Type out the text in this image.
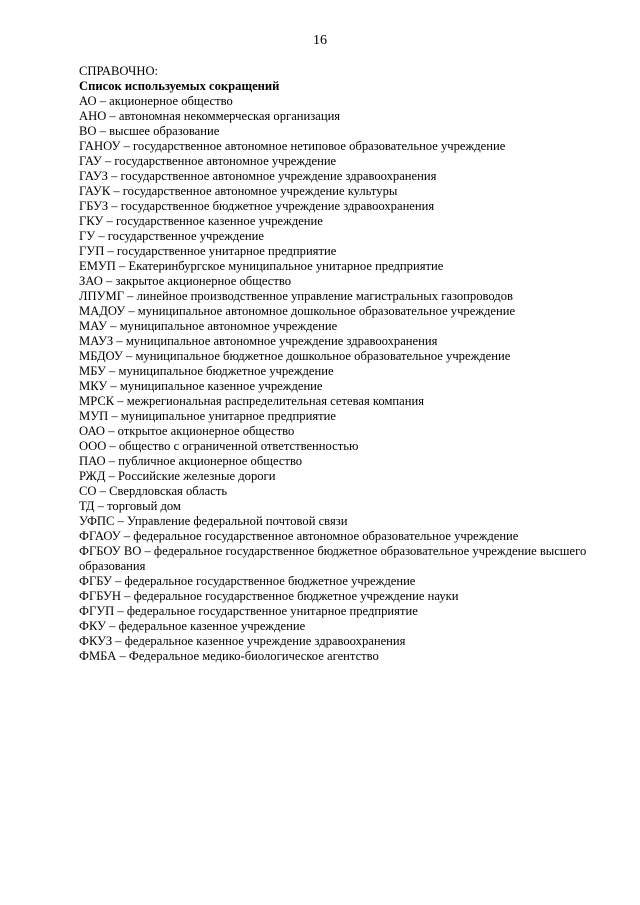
16
СПРАВОЧНО:
Список используемых сокращений
АО – акционерное общество
АНО – автономная некоммерческая организация
ВО – высшее образование
ГАНОУ – государственное автономное нетиповое образовательное учреждение
ГАУ – государственное автономное учреждение
ГАУЗ – государственное автономное учреждение здравоохранения
ГАУК – государственное автономное учреждение культуры
ГБУЗ – государственное бюджетное учреждение здравоохранения
ГКУ – государственное казенное учреждение
ГУ – государственное учреждение
ГУП – государственное унитарное предприятие
ЕМУП – Екатеринбургское муниципальное унитарное предприятие
ЗАО – закрытое акционерное общество
ЛПУМГ – линейное производственное управление магистральных газопроводов
МАДОУ – муниципальное автономное дошкольное образовательное учреждение
МАУ – муниципальное автономное учреждение
МАУЗ – муниципальное автономное учреждение здравоохранения
МБДОУ – муниципальное бюджетное дошкольное образовательное учреждение
МБУ – муниципальное бюджетное учреждение
МКУ – муниципальное казенное учреждение
МРСК – межрегиональная распределительная сетевая компания
МУП – муниципальное унитарное предприятие
ОАО – открытое акционерное общество
ООО – общество с ограниченной ответственностью
ПАО – публичное акционерное общество
РЖД – Российские железные дороги
СО – Свердловская область
ТД – торговый дом
УФПС – Управление федеральной почтовой связи
ФГАОУ – федеральное государственное автономное образовательное учреждение
ФГБОУ ВО – федеральное государственное бюджетное образовательное учреждение высшего образования
ФГБУ – федеральное государственное бюджетное учреждение
ФГБУН – федеральное государственное бюджетное учреждение науки
ФГУП – федеральное государственное унитарное предприятие
ФКУ – федеральное казенное учреждение
ФКУЗ – федеральное казенное учреждение здравоохранения
ФМБА – Федеральное медико-биологическое агентство
